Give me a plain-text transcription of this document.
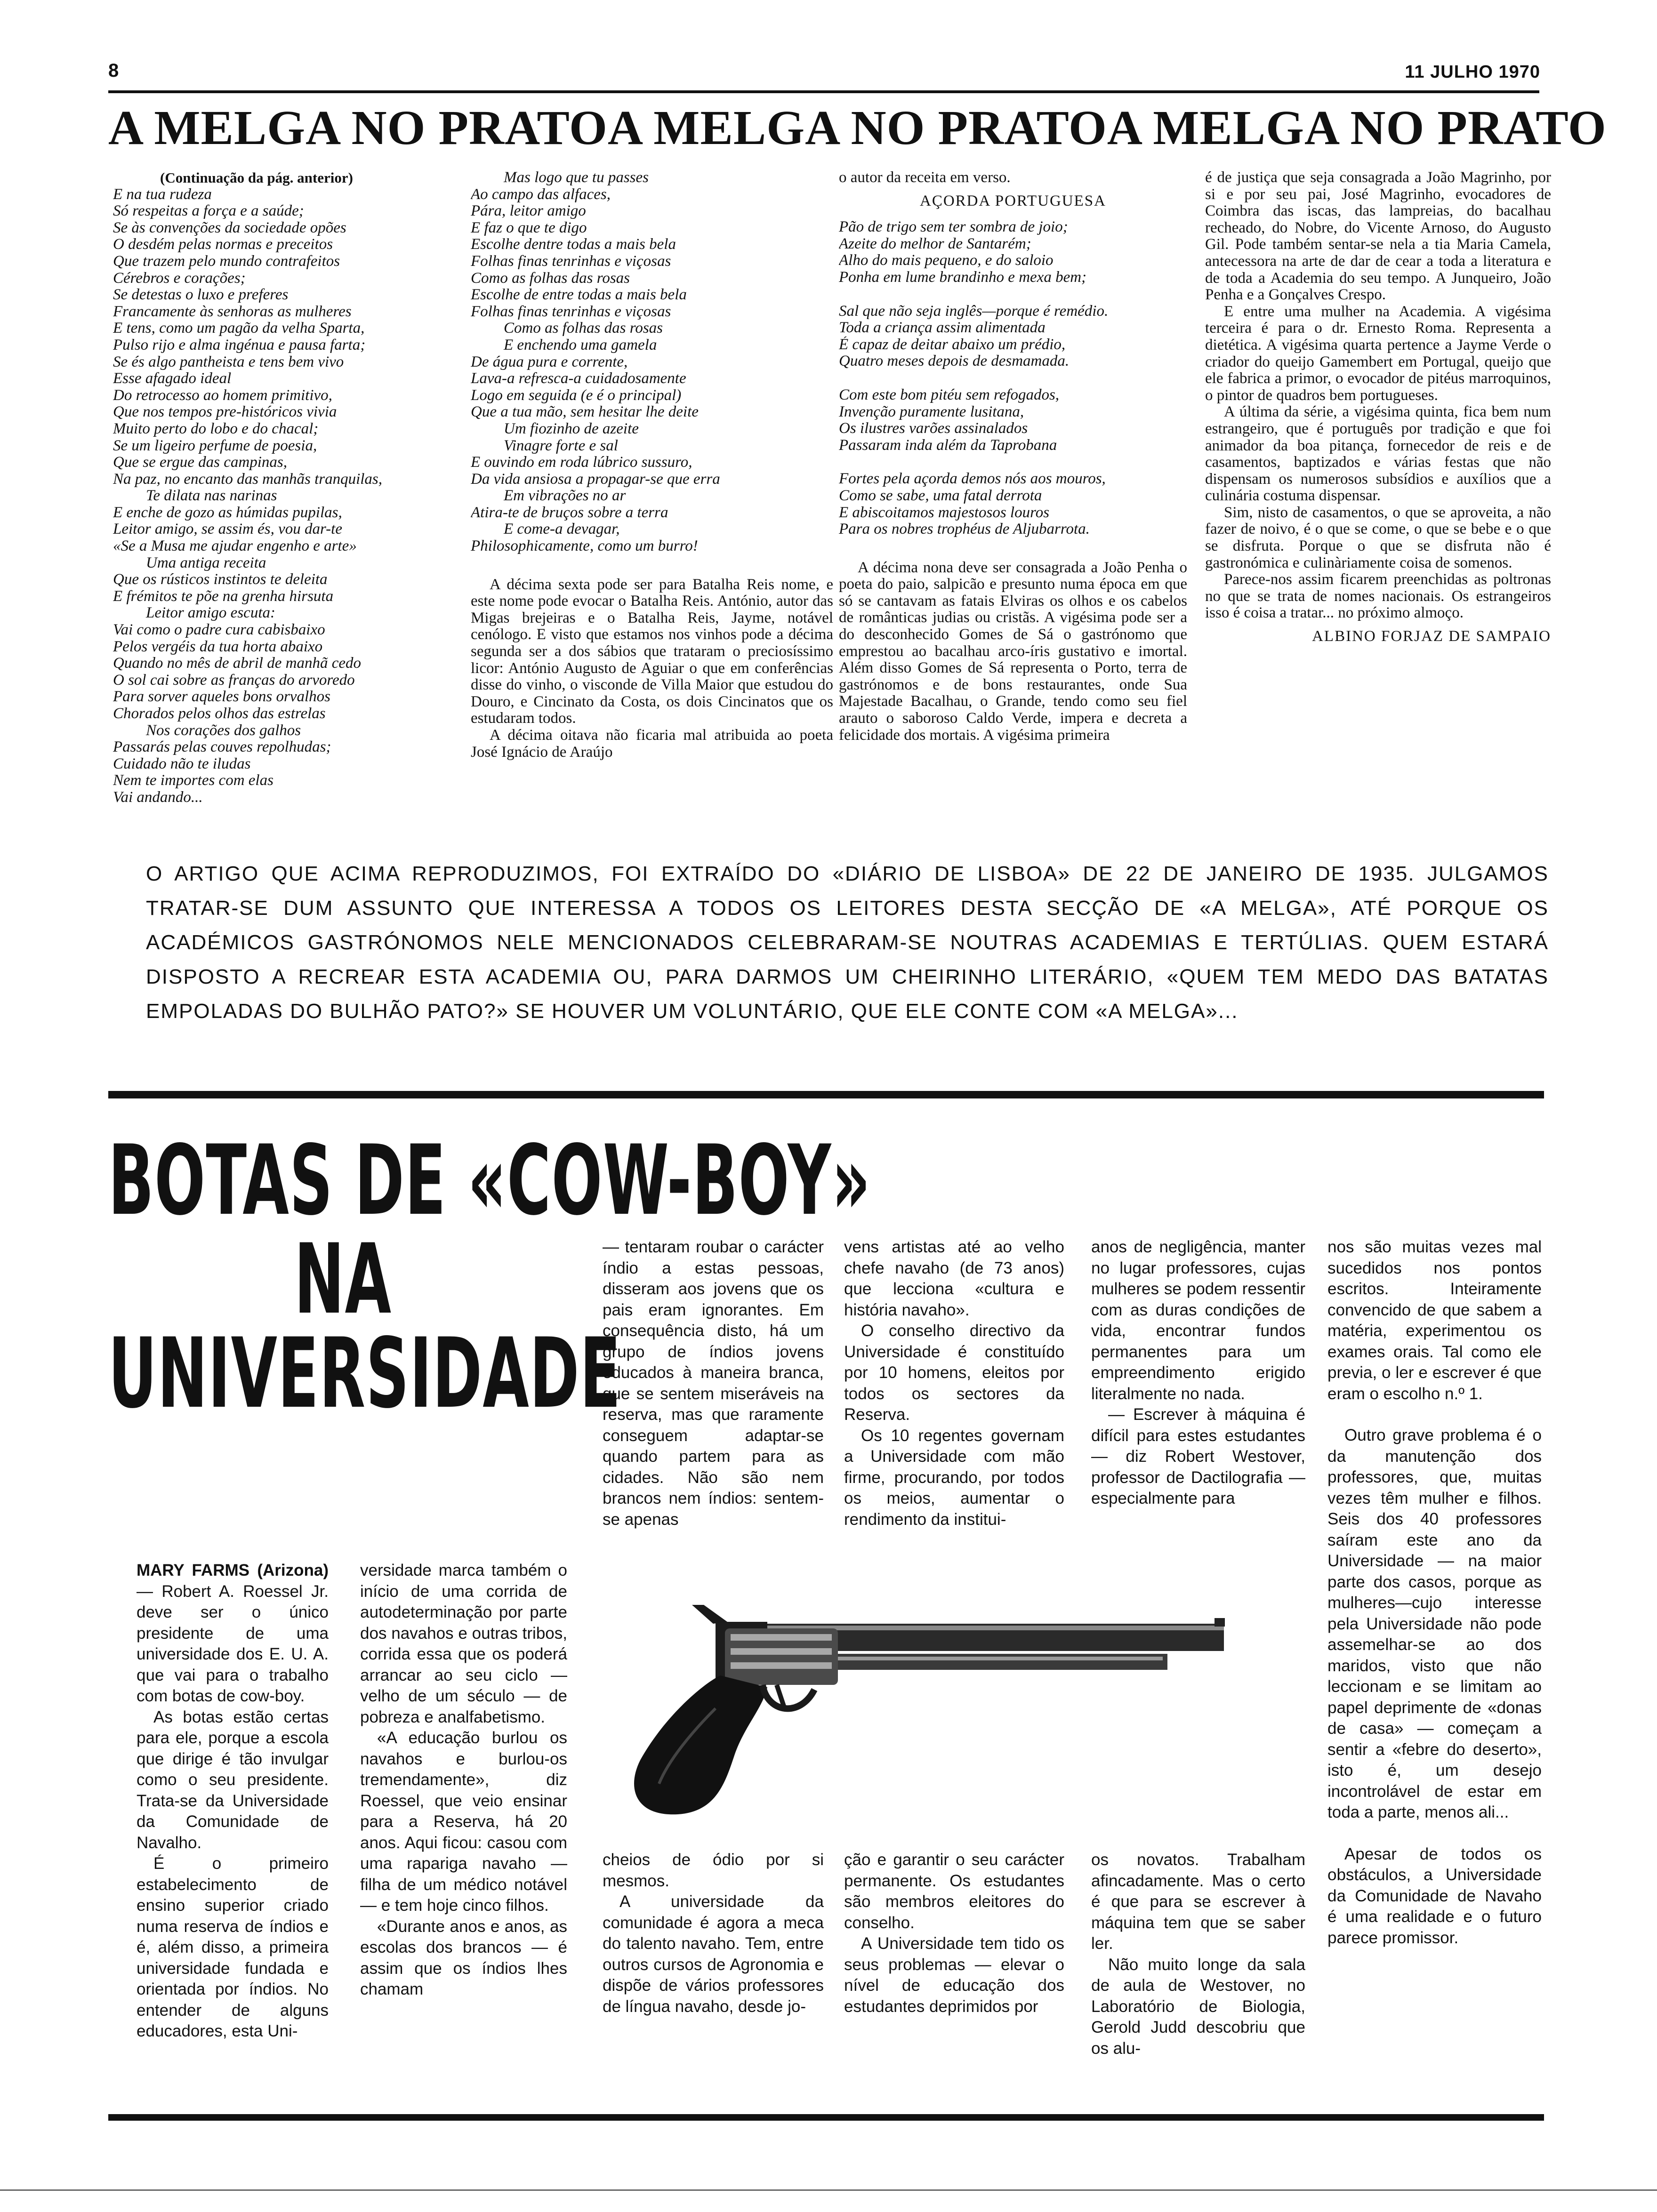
8	11 JULHO 1970
A MELGA NO PRATO A MELGA NO PRATO A MELGA NO PRATO
(Continuação da pág. anterior)
E na tua rudeza
Só respeitas a força e a saúde;
Se às convenções da sociedade opões
O desdém pelas normas e preceitos
Que trazem pelo mundo contrafeitos
Cérebros e corações;
Se detestas o luxo e preferes
Francamente às senhoras as mulheres
E tens, como um pagão da velha Sparta,
Pulso rijo e alma ingénua e pausa farta;
Se és algo pantheista e tens bem vivo
Esse afagado ideal
Do retrocesso ao homem primitivo,
Que nos tempos pre-históricos vivia
Muito perto do lobo e do chacal;
Se um ligeiro perfume de poesia,
Que se ergue das campinas,
Na paz, no encanto das manhãs tranquilas,
Te dilata nas narinas
E enche de gozo as húmidas pupilas,
Leitor amigo, se assim és, vou dar-te
«Se a Musa me ajudar engenho e arte»
Uma antiga receita
Que os rústicos instintos te deleita
E frémitos te põe na grenha hirsuta
Leitor amigo escuta:
Vai como o padre cura cabisbaixo
Pelos vergéis da tua horta abaixo
Quando no mês de abril de manhã cedo
O sol cai sobre as franças do arvoredo
Para sorver aqueles bons orvalhos
Chorados pelos olhos das estrelas
Nos corações dos galhos
Passarás pelas couves repolhudas;
Cuidado não te iludas
Nem te importes com elas
Vai andando...
Mas logo que tu passes
Ao campo das alfaces,
Pára, leitor amigo
E faz o que te digo
Escolhe dentre todas a mais bela
Folhas finas tenrinhas e viçosas
Como as folhas das rosas
Escolhe de entre todas a mais bela
Folhas finas tenrinhas e viçosas
Como as folhas das rosas
E enchendo uma gamela
De água pura e corrente,
Lava-a refresca-a cuidadosamente
Logo em seguida (e é o principal)
Que a tua mão, sem hesitar lhe deite
Um fiozinho de azeite
Vinagre forte e sal
E ouvindo em roda lúbrico sussuro,
Da vida ansiosa a propagar-se que erra
Em vibrações no ar
Atira-te de bruços sobre a terra
E come-a devagar,
Philosophicamente, como um burro!

A décima sexta pode ser para Batalha Reis nome, e este nome pode evocar o Batalha Reis. António, autor das Migas brejeiras e o Batalha Reis, Jayme, notável cenólogo. E visto que estamos nos vinhos pode a décima segunda ser a dos sábios que trataram o preciosíssimo licor: António Augusto de Aguiar o que em conferências disse do vinho, o visconde de Villa Maior que estudou do Douro, e Cincinato da Costa, os dois Cincinatos que os estudaram todos.

A décima oitava não ficaria mal atribuida ao poeta José Ignácio de Araújo

o autor da receita em verso.
AÇORDA PORTUGUESA
Pão de trigo sem ter sombra de joio;
Azeite do melhor de Santarém;
Alho do mais pequeno, e do saloio
Ponha em lume brandinho e mexa bem;
Sal que não seja inglês—porque é remédio.
Toda a criança assim alimentada
É capaz de deitar abaixo um prédio,
Quatro meses depois de desmamada.
Com este bom pitéu sem refogados,
Invenção puramente lusitana,
Os ilustres varões assinalados
Passaram inda além da Taprobana
Fortes pela açorda demos nós aos mouros,
Como se sabe, uma fatal derrota
E abiscoitamos majestosos louros
Para os nobres trophéus de Aljubarrota.

A décima nona deve ser consagrada a João Penha o poeta do paio, salpicão e presunto numa época em que só se cantavam as fatais Elviras os olhos e os cabelos de românticas judias ou cristãs. A vigésima pode ser a do desconhecido Gomes de Sá o gastrónomo que emprestou ao bacalhau arco-íris gustativo e imortal. Além disso Gomes de Sá representa o Porto, terra de gastrónomos e de bons restaurantes, onde Sua Majestade Bacalhau, o Grande, tendo como seu fiel arauto o saboroso Caldo Verde, impera e decreta a felicidade dos mortais. A vigésima primeira

é de justiça que seja consagrada a João Magrinho, por si e por seu pai, José Magrinho, evocadores de Coimbra das iscas, das lampreias, do bacalhau recheado, do Nobre, do Vicente Arnoso, do Augusto Gil. Pode também sentar-se nela a tia Maria Camela, antecessora na arte de dar de cear a toda a literatura e de toda a Academia do seu tempo. A Junqueiro, João Penha e a Gonçalves Crespo.

E entre uma mulher na Academia. A vigésima terceira é para o dr. Ernesto Roma. Representa a dietética. A vigésima quarta pertence a Jayme Verde o criador do queijo Gamembert em Portugal, queijo que ele fabrica a primor, o evocador de pitéus marroquinos, o pintor de quadros bem portugueses.

A última da série, a vigésima quinta, fica bem num estrangeiro, que é português por tradição e que foi animador da boa pitança, fornecedor de reis e de casamentos, baptizados e várias festas que não dispensam os numerosos subsídios e auxílios que a culinária costuma dispensar.

Sim, nisto de casamentos, o que se aproveita, a não fazer de noivo, é o que se come, o que se bebe e o que se disfruta. Porque o que se disfruta não é gastronómica e culinàriamente coisa de somenos.

Parece-nos assim ficarem preenchidas as poltronas no que se trata de nomes nacionais. Os estrangeiros isso é coisa a tratar... no próximo almoço.

ALBINO FORJAZ DE SAMPAIO

O ARTIGO QUE ACIMA REPRODUZIMOS, FOI EXTRAÍDO DO «DIÁRIO DE LISBOA» DE 22 DE JANEIRO DE 1935. JULGAMOS TRATAR-SE DUM ASSUNTO QUE INTERESSA A TODOS OS LEITORES DESTA SECÇÃO DE «A MELGA», ATÉ PORQUE OS ACADÉMICOS GASTRÓNOMOS NELE MENCIONADOS CELEBRARAM-SE NOUTRAS ACADEMIAS E TERTÚLIAS. QUEM ESTARÁ DISPOSTO A RECREAR ESTA ACADEMIA OU, PARA DARMOS UM CHEIRINHO LITERÁRIO, «QUEM TEM MEDO DAS BATATAS EMPOLADAS DO BULHÃO PATO?» SE HOUVER UM VOLUNTÁRIO, QUE ELE CONTE COM «A MELGA»...
BOTAS DE «COW-BOY»
NA
UNIVERSIDADE

MARY FARMS (Arizona) — Robert A. Roessel Jr. deve ser o único presidente de uma universidade dos E. U. A. que vai para o trabalho com botas de cow-boy.

As botas estão certas para ele, porque a escola que dirige é tão invulgar como o seu presidente. Trata-se da Universidade da Comunidade de Navalho.

É o primeiro estabelecimento de ensino superior criado numa reserva de índios e é, além disso, a primeira universidade fundada e orientada por índios. No entender de alguns educadores, esta Uni-

versidade marca também o início de uma corrida de autodeterminação por parte dos navahos e outras tribos, corrida essa que os poderá arrancar ao seu ciclo — velho de um século — de pobreza e analfabetismo.

«A educação burlou os navahos e burlou-os tremendamente», diz Roessel, que veio ensinar para a Reserva, há 20 anos. Aqui ficou: casou com uma rapariga navaho — filha de um médico notável — e tem hoje cinco filhos.

«Durante anos e anos, as escolas dos brancos — é assim que os índios lhes chamam

— tentaram roubar o carácter índio a estas pessoas, disseram aos jovens que os pais eram ignorantes. Em consequência disto, há um grupo de índios jovens educados à maneira branca, que se sentem miseráveis na reserva, mas que raramente conseguem adaptar-se quando partem para as cidades. Não são nem brancos nem índios: sentem-se apenas

cheios de ódio por si mesmos.

A universidade da comunidade é agora a meca do talento navaho. Tem, entre outros cursos de Agronomia e dispõe de vários professores de língua navaho, desde jo-

vens artistas até ao velho chefe navaho (de 73 anos) que lecciona «cultura e história navaho».

O conselho directivo da Universidade é constituído por 10 homens, eleitos por todos os sectores da Reserva.

Os 10 regentes governam a Universidade com mão firme, procurando, por todos os meios, aumentar o rendimento da institui-

ção e garantir o seu carácter permanente. Os estudantes são membros eleitores do conselho.

A Universidade tem tido os seus problemas — elevar o nível de educação dos estudantes deprimidos por

anos de negligência, manter no lugar professores, cujas mulheres se podem ressentir com as duras condições de vida, encontrar fundos permanentes para um empreendimento erigido literalmente no nada.

— Escrever à máquina é difícil para estes estudantes — diz Robert Westover, professor de Dactilografia — especialmente para

os novatos. Trabalham afincadamente. Mas o certo é que para se escrever à máquina tem que se saber ler.

Não muito longe da sala de aula de Westover, no Laboratório de Biologia, Gerold Judd descobriu que os alu-

nos são muitas vezes mal sucedidos nos pontos escritos. Inteiramente convencido de que sabem a matéria, experimentou os exames orais. Tal como ele previa, o ler e escrever é que eram o escolho n.º 1.

Outro grave problema é o da manutenção dos professores, que, muitas vezes têm mulher e filhos. Seis dos 40 professores saíram este ano da Universidade — na maior parte dos casos, porque as mulheres—cujo interesse pela Universidade não pode assemelhar-se ao dos maridos, visto que não leccionam e se limitam ao papel deprimente de «donas de casa» — começam a sentir a «febre do deserto», isto é, um desejo incontrolável de estar em toda a parte, menos ali...

Apesar de todos os obstáculos, a Universidade da Comunidade de Navaho é uma realidade e o futuro parece promissor.
